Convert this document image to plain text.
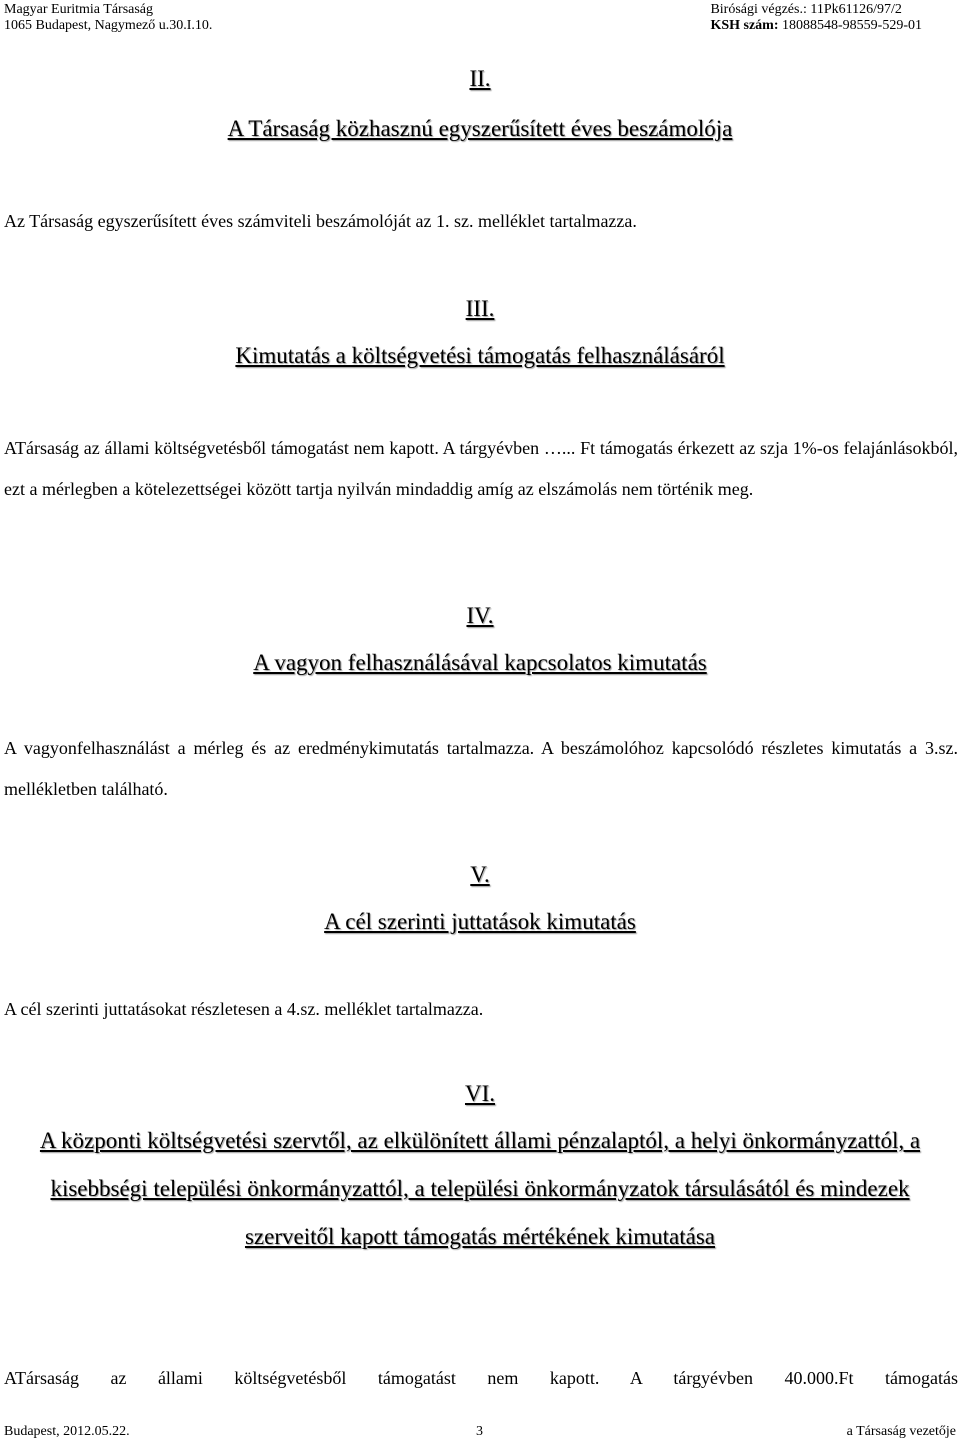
Magyar Euritmia Társaság
1065 Budapest, Nagymező u.30.I.10.
Birósági végzés.: 11Pk61126/97/2
KSH szám: 18088548-98559-529-01
II.
A Társaság közhasznú egyszerűsített éves beszámolója
Az Társaság egyszerűsített éves számviteli beszámolóját az 1. sz. melléklet tartalmazza.
III.
Kimutatás a költségvetési támogatás felhasználásáról
ATársaság az állami költségvetésből támogatást nem kapott. A tárgyévben …... Ft támogatás érkezett az szja 1%-os felajánlásokból, ezt a mérlegben a kötelezettségei között tartja nyilván mindaddig amíg az elszámolás nem történik meg.
IV.
A vagyon felhasználásával kapcsolatos kimutatás
A vagyonfelhasználást a mérleg és az eredménykimutatás tartalmazza. A beszámolóhoz kapcsolódó részletes kimutatás a 3.sz. mellékletben található.
V.
A cél szerinti juttatások kimutatás
A cél szerinti juttatásokat részletesen a 4.sz. melléklet tartalmazza.
VI.
A központi költségvetési szervtől, az elkülönített állami pénzalaptól, a helyi önkormányzattól, a kisebbségi települési önkormányzattól, a települési önkormányzatok társulásától és mindezek szerveitől kapott támogatás mértékének kimutatása
ATársaság az állami költségvetésből támogatást nem kapott. A tárgyévben 40.000.Ft támogatás
Budapest, 2012.05.22.	3	a Társaság vezetője
